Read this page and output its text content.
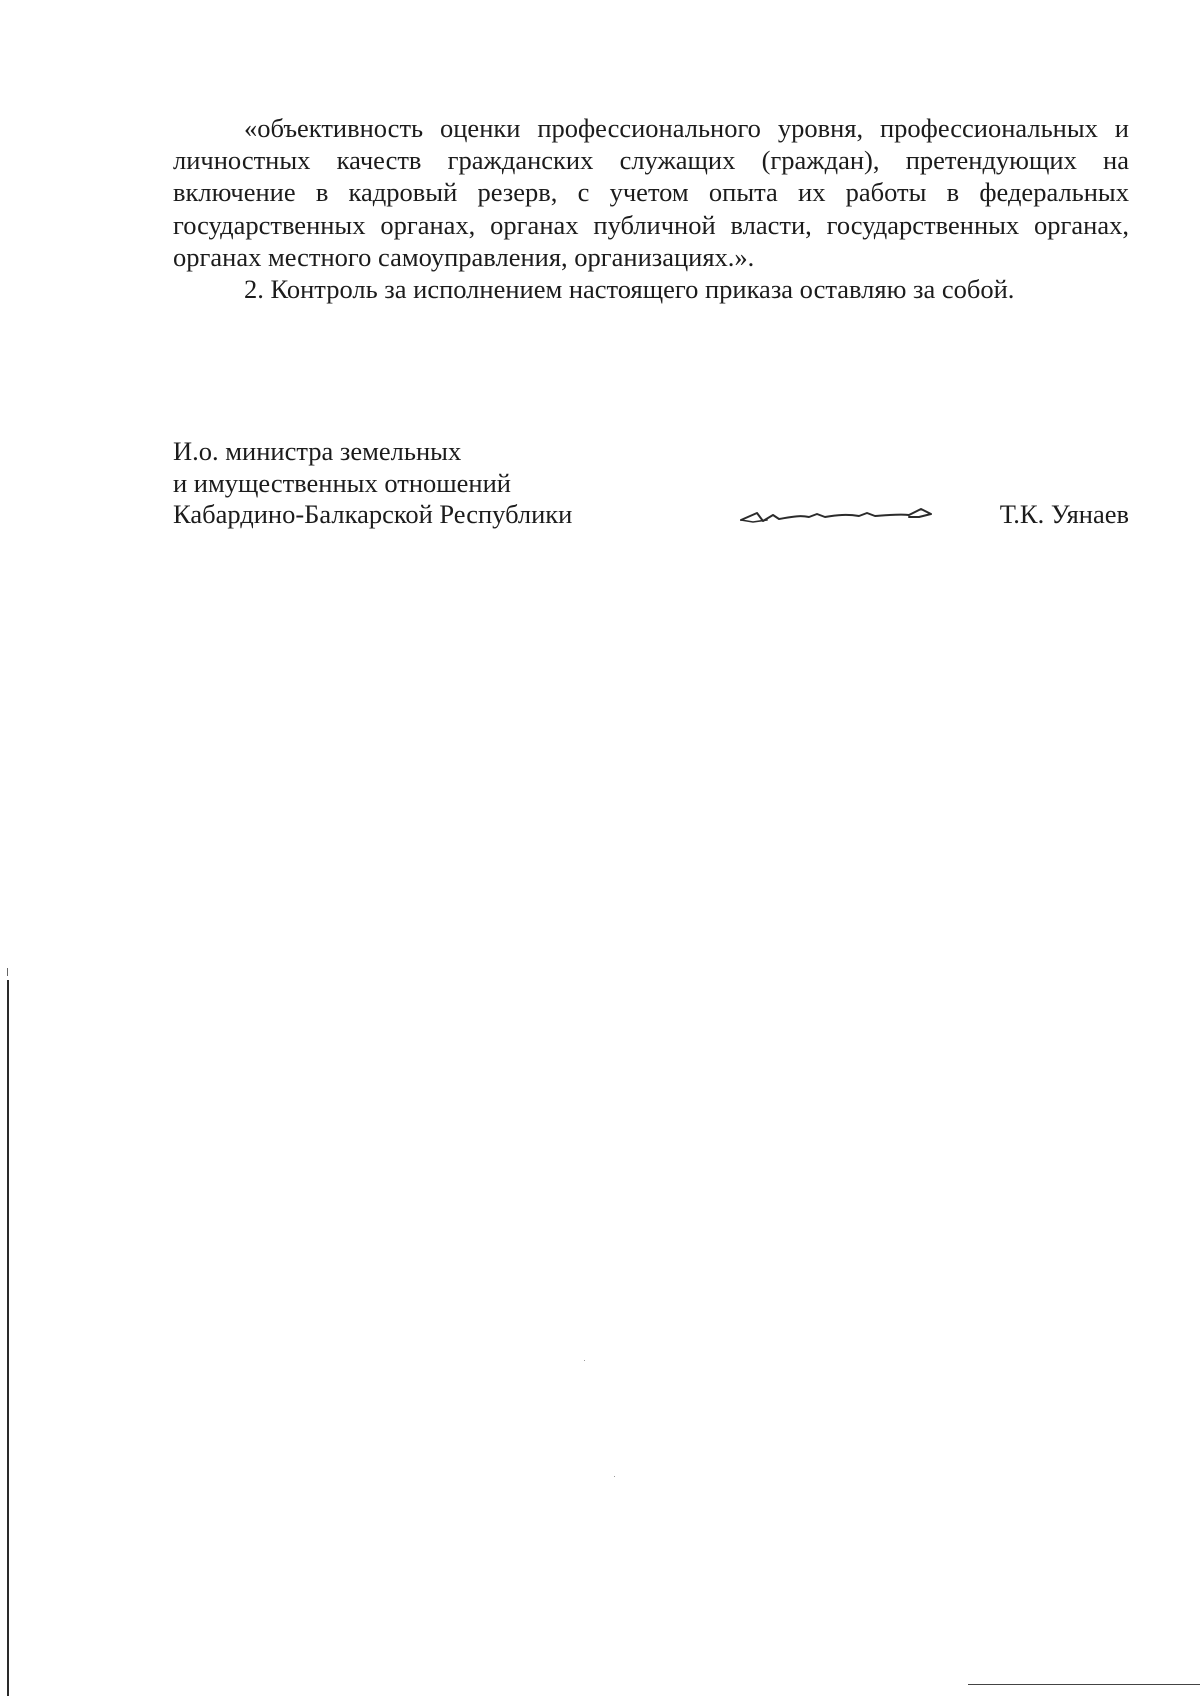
«объективность оценки профессионального уровня, профессиональных и личностных качеств гражданских служащих (граждан), претендующих на включение в кадровый резерв, с учетом опыта их работы в федеральных государственных органах, органах публичной власти, государственных органах, органах местного самоуправления, организациях.».

2. Контроль за исполнением настоящего приказа оставляю за собой.

И.о. министра земельных
и имущественных отношений
Кабардино-Балкарской Республики	Т.К. Уянаев
